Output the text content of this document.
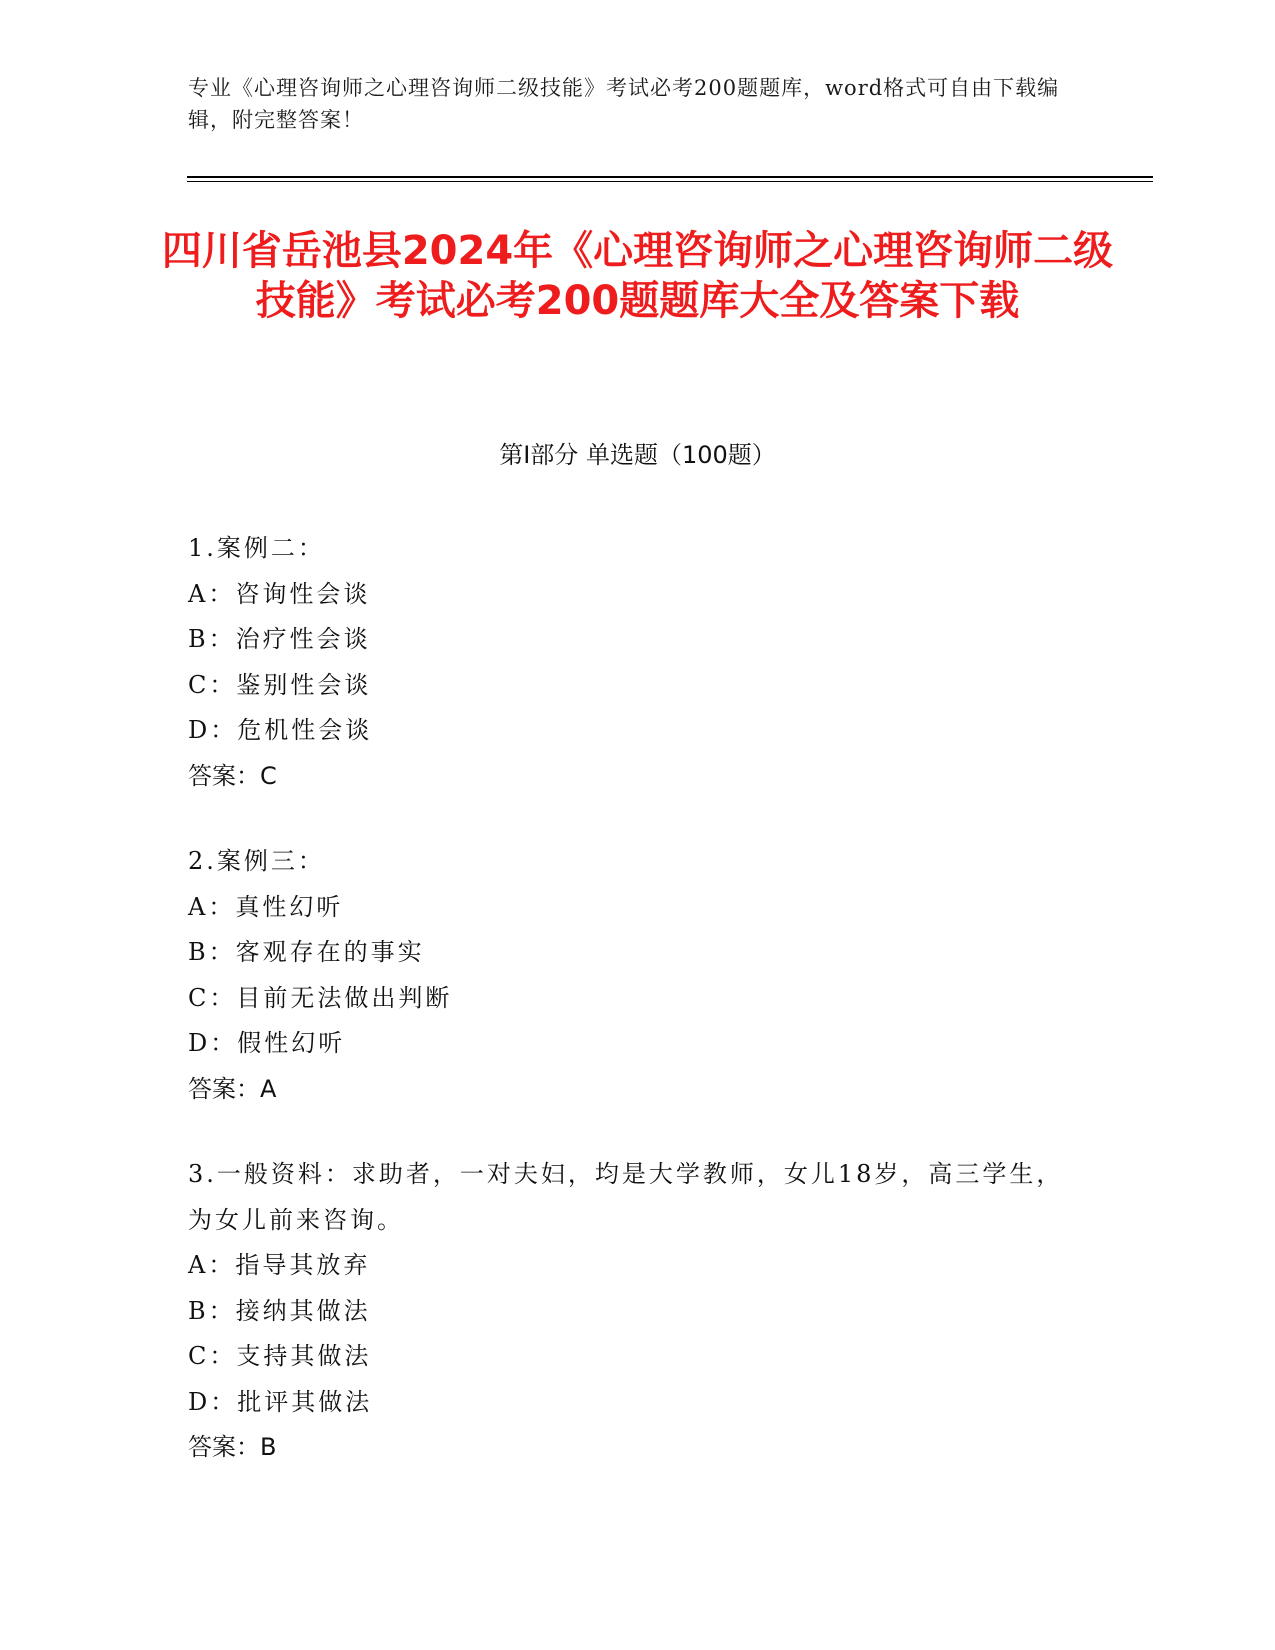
专业《心理咨询师之心理咨询师二级技能》考试必考200题题库，word格式可自由下载编辑，附完整答案！
四川省岳池县2024年《心理咨询师之心理咨询师二级技能》考试必考200题题库大全及答案下载
第I部分 单选题（100题）
1.案例二：
A：咨询性会谈
B：治疗性会谈
C：鉴别性会谈
D：危机性会谈
答案：C
2.案例三：
A：真性幻听
B：客观存在的事实
C：目前无法做出判断
D：假性幻听
答案：A
3.一般资料：求助者，一对夫妇，均是大学教师，女儿18岁，高三学生，为女儿前来咨询。
A：指导其放弃
B：接纳其做法
C：支持其做法
D：批评其做法
答案：B
